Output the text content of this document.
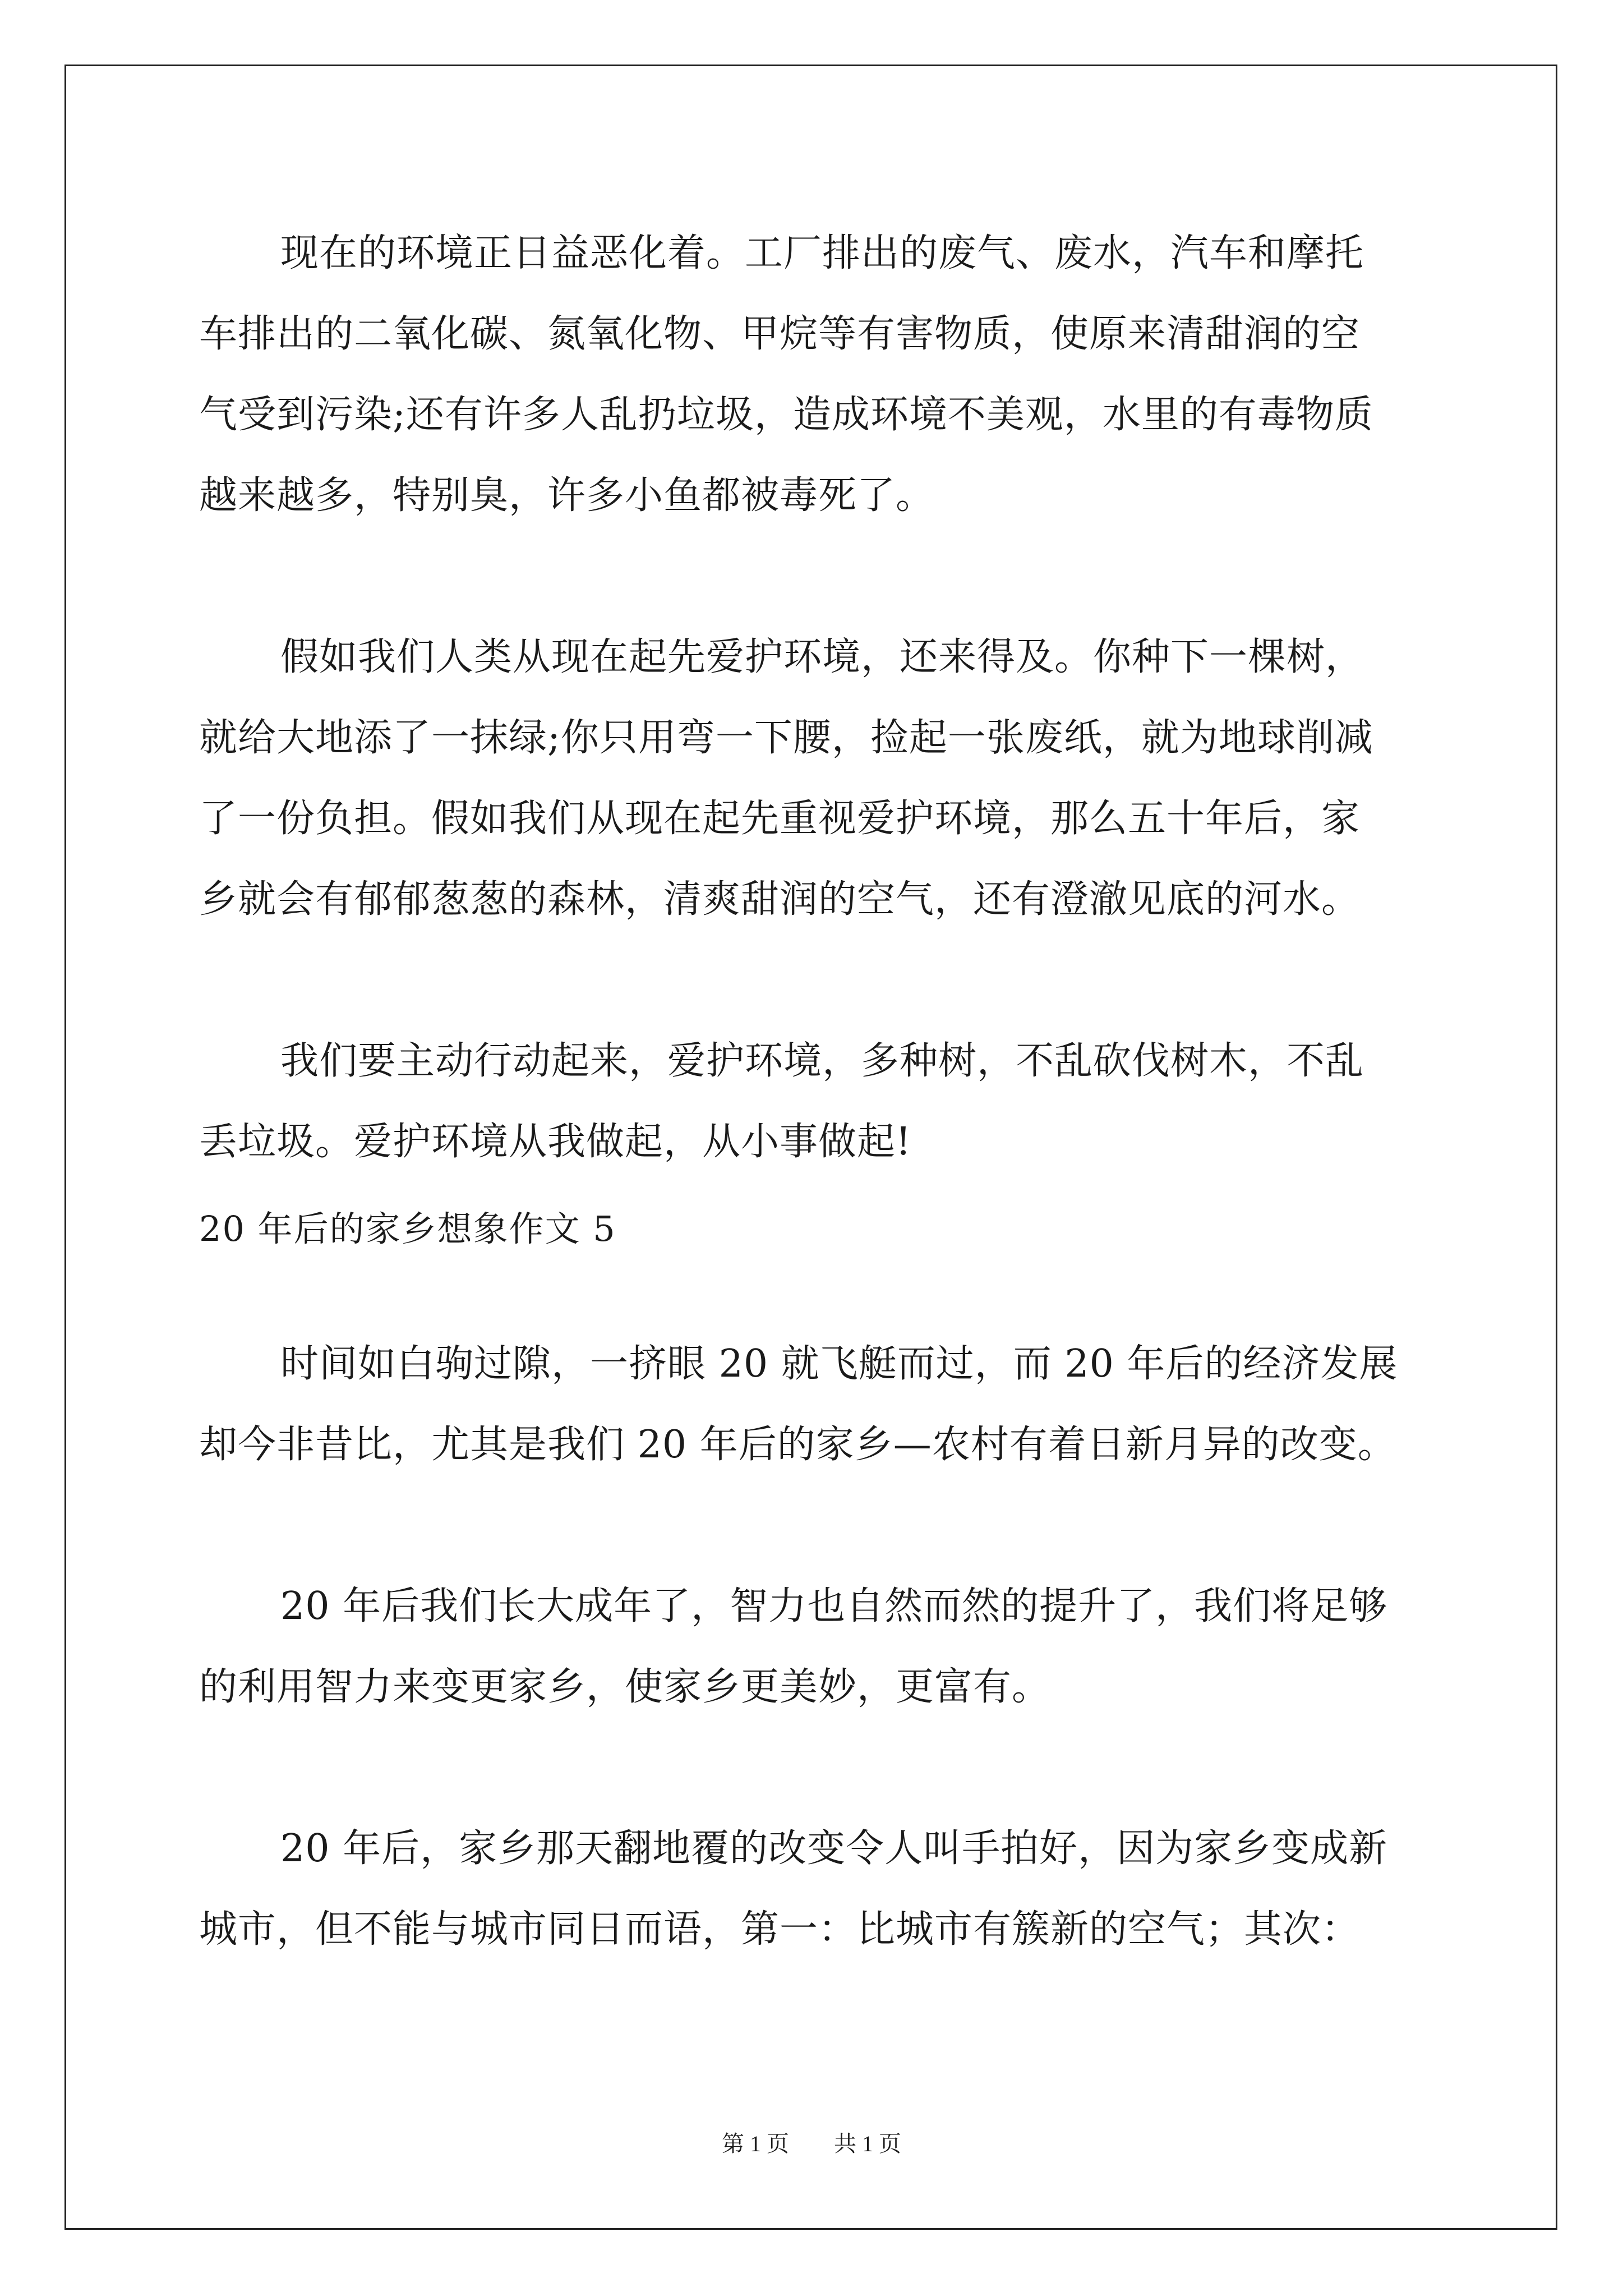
现在的环境正日益恶化着。工厂排出的废气、废水，汽车和摩托
车排出的二氧化碳、氮氧化物、甲烷等有害物质，使原来清甜润的空
气受到污染;还有许多人乱扔垃圾，造成环境不美观，水里的有毒物质
越来越多，特别臭，许多小鱼都被毒死了。
假如我们人类从现在起先爱护环境，还来得及。你种下一棵树，
就给大地添了一抹绿;你只用弯一下腰，捡起一张废纸，就为地球削减
了一份负担。假如我们从现在起先重视爱护环境，那么五十年后，家
乡就会有郁郁葱葱的森林，清爽甜润的空气，还有澄澈见底的河水。
我们要主动行动起来，爱护环境，多种树，不乱砍伐树木，不乱
丢垃圾。爱护环境从我做起，从小事做起!
20 年后的家乡想象作文 5
时间如白驹过隙，一挤眼 20 就飞艇而过，而 20 年后的经济发展
却今非昔比，尤其是我们 20 年后的家乡—农村有着日新月异的改变。
20 年后我们长大成年了，智力也自然而然的提升了，我们将足够
的利用智力来变更家乡，使家乡更美妙，更富有。
20 年后，家乡那天翻地覆的改变令人叫手拍好，因为家乡变成新
城市，但不能与城市同日而语，第一：比城市有簇新的空气；其次：
第 1 页 共 1 页
